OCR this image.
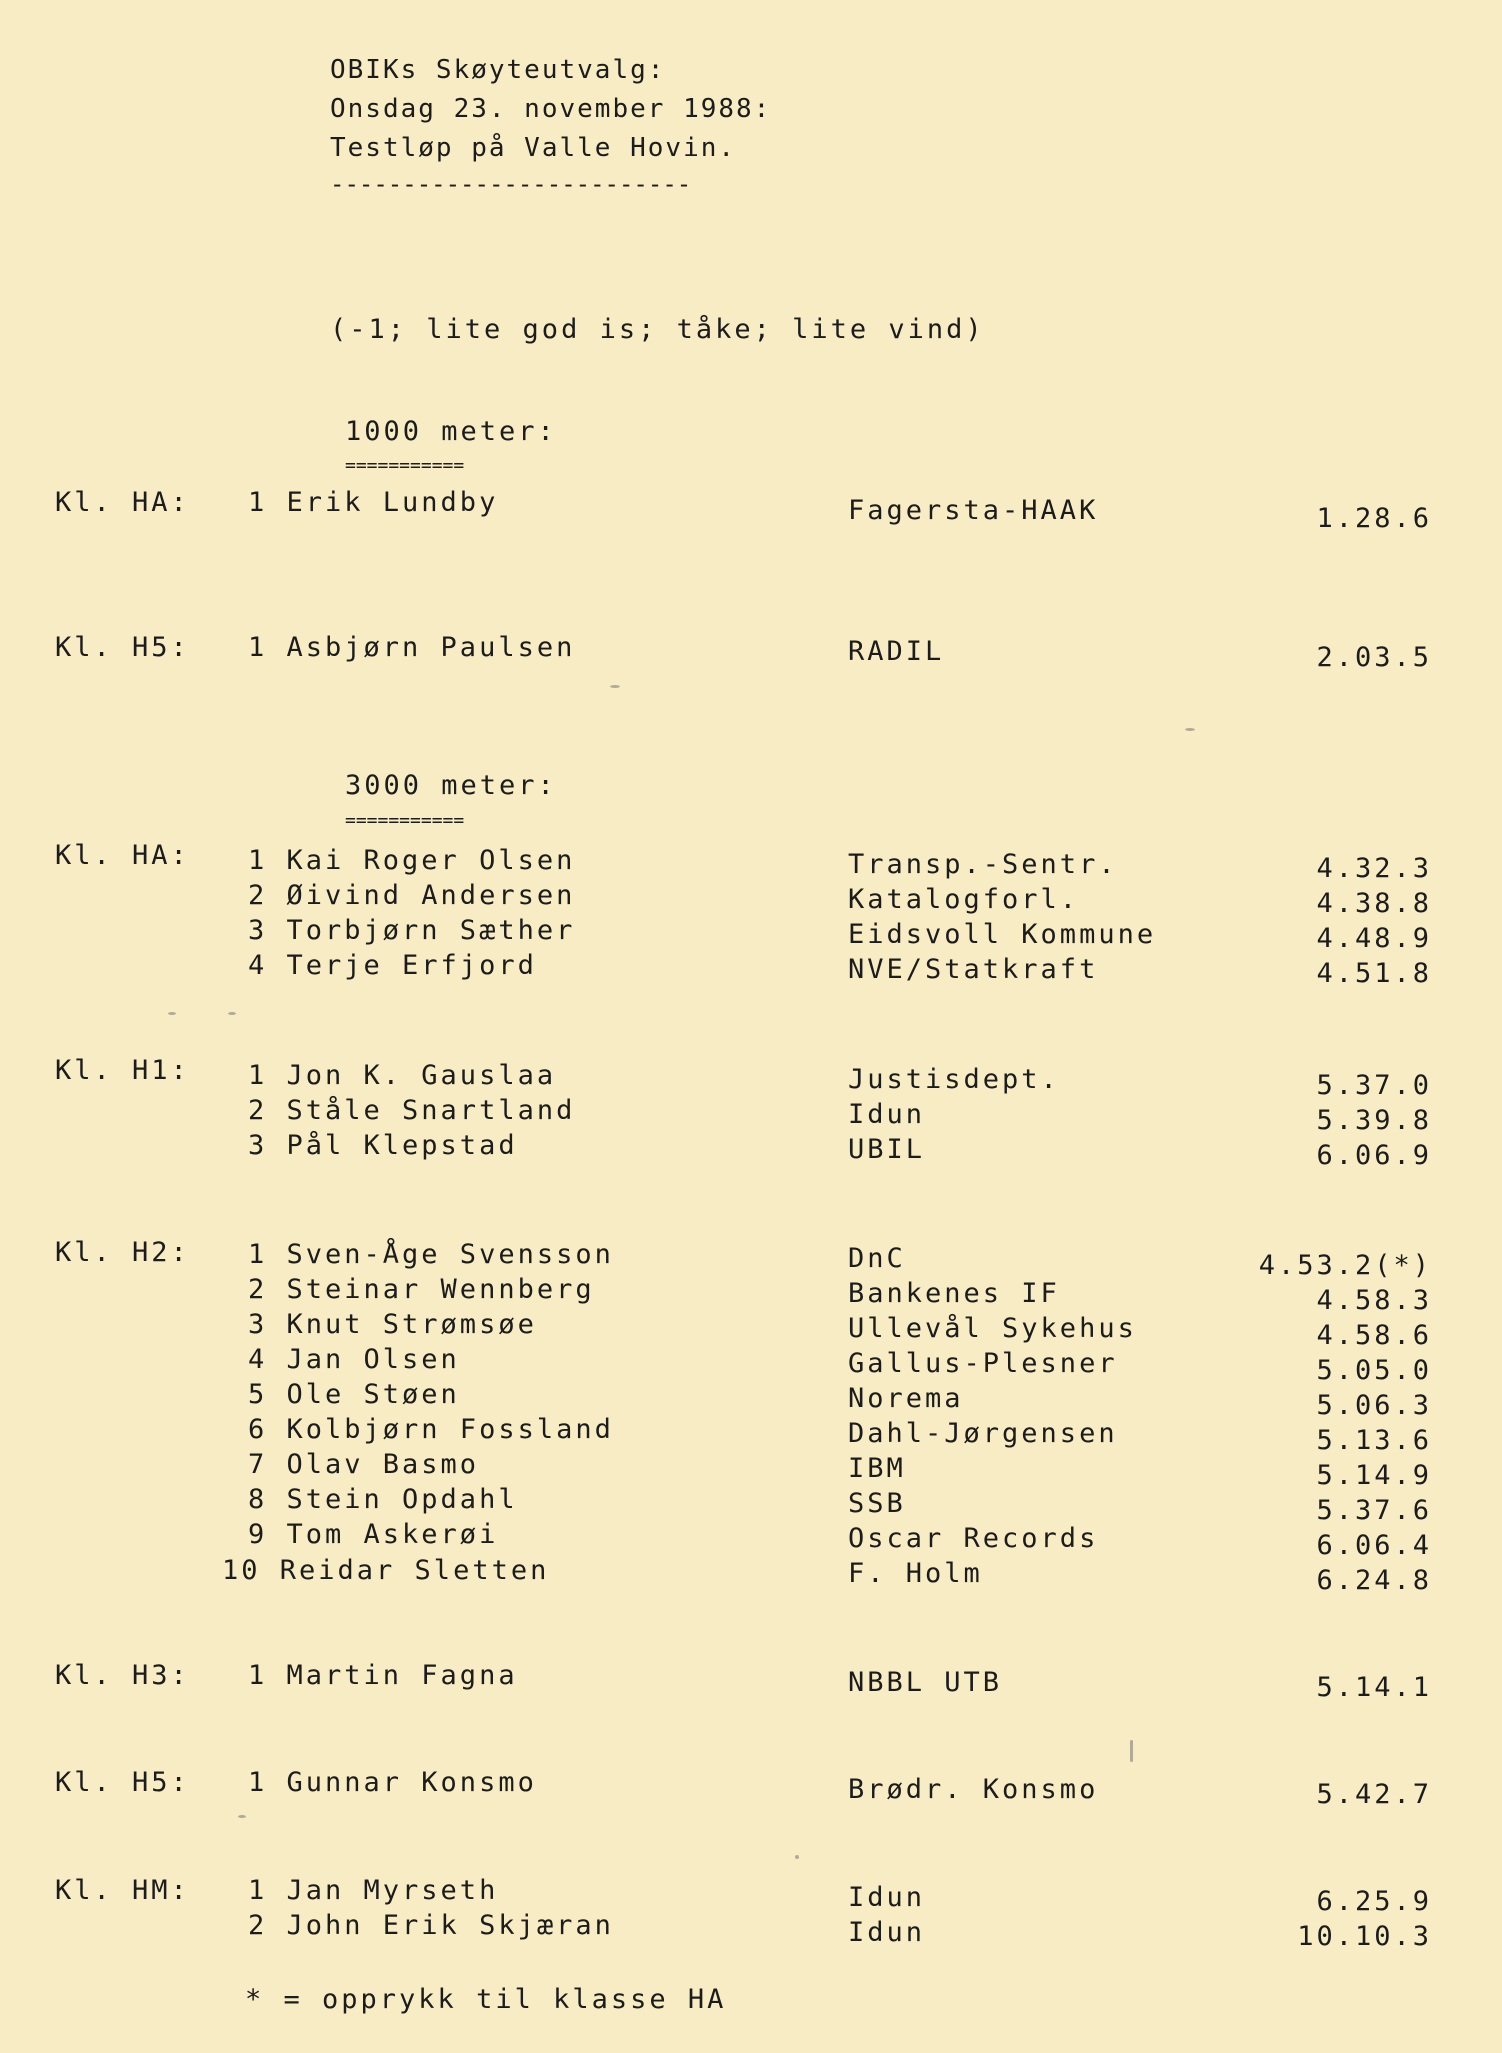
OBIKs Skøyteutvalg:
Onsdag 23. november 1988:
Testløp på Valle Hovin.
-------------------------
(-1; lite god is; tåke; lite vind)
1000 meter:
===========
Kl. HA: 1 Erik Lundby	Fagersta-HAAK	1.28.6
Kl. H5: 1 Asbjørn Paulsen	RADIL	2.03.5
3000 meter:
===========
Kl. HA: 1 Kai Roger Olsen	Transp.-Sentr.	4.32.3
2 Øivind Andersen	Katalogforl.	4.38.8
3 Torbjørn Sæther	Eidsvoll Kommune	4.48.9
4 Terje Erfjord	NVE/Statkraft	4.51.8
Kl. H1: 1 Jon K. Gauslaa	Justisdept.	5.37.0
2 Ståle Snartland	Idun	5.39.8
3 Pål Klepstad	UBIL	6.06.9
Kl. H2: 1 Sven-Åge Svensson	DnC	4.53.2(*)
2 Steinar Wennberg	Bankenes IF	4.58.3
3 Knut Strømsøe	Ullevål Sykehus	4.58.6
4 Jan Olsen	Gallus-Plesner	5.05.0
5 Ole Støen	Norema	5.06.3
6 Kolbjørn Fossland	Dahl-Jørgensen	5.13.6
7 Olav Basmo	IBM	5.14.9
8 Stein Opdahl	SSB	5.37.6
9 Tom Askerøi	Oscar Records	6.06.4
10 Reidar Sletten	F. Holm	6.24.8
Kl. H3: 1 Martin Fagna	NBBL UTB	5.14.1
Kl. H5: 1 Gunnar Konsmo	Brødr. Konsmo	5.42.7
Kl. HM: 1 Jan Myrseth	Idun	6.25.9
2 John Erik Skjæran	Idun	10.10.3
* = opprykk til klasse HA
